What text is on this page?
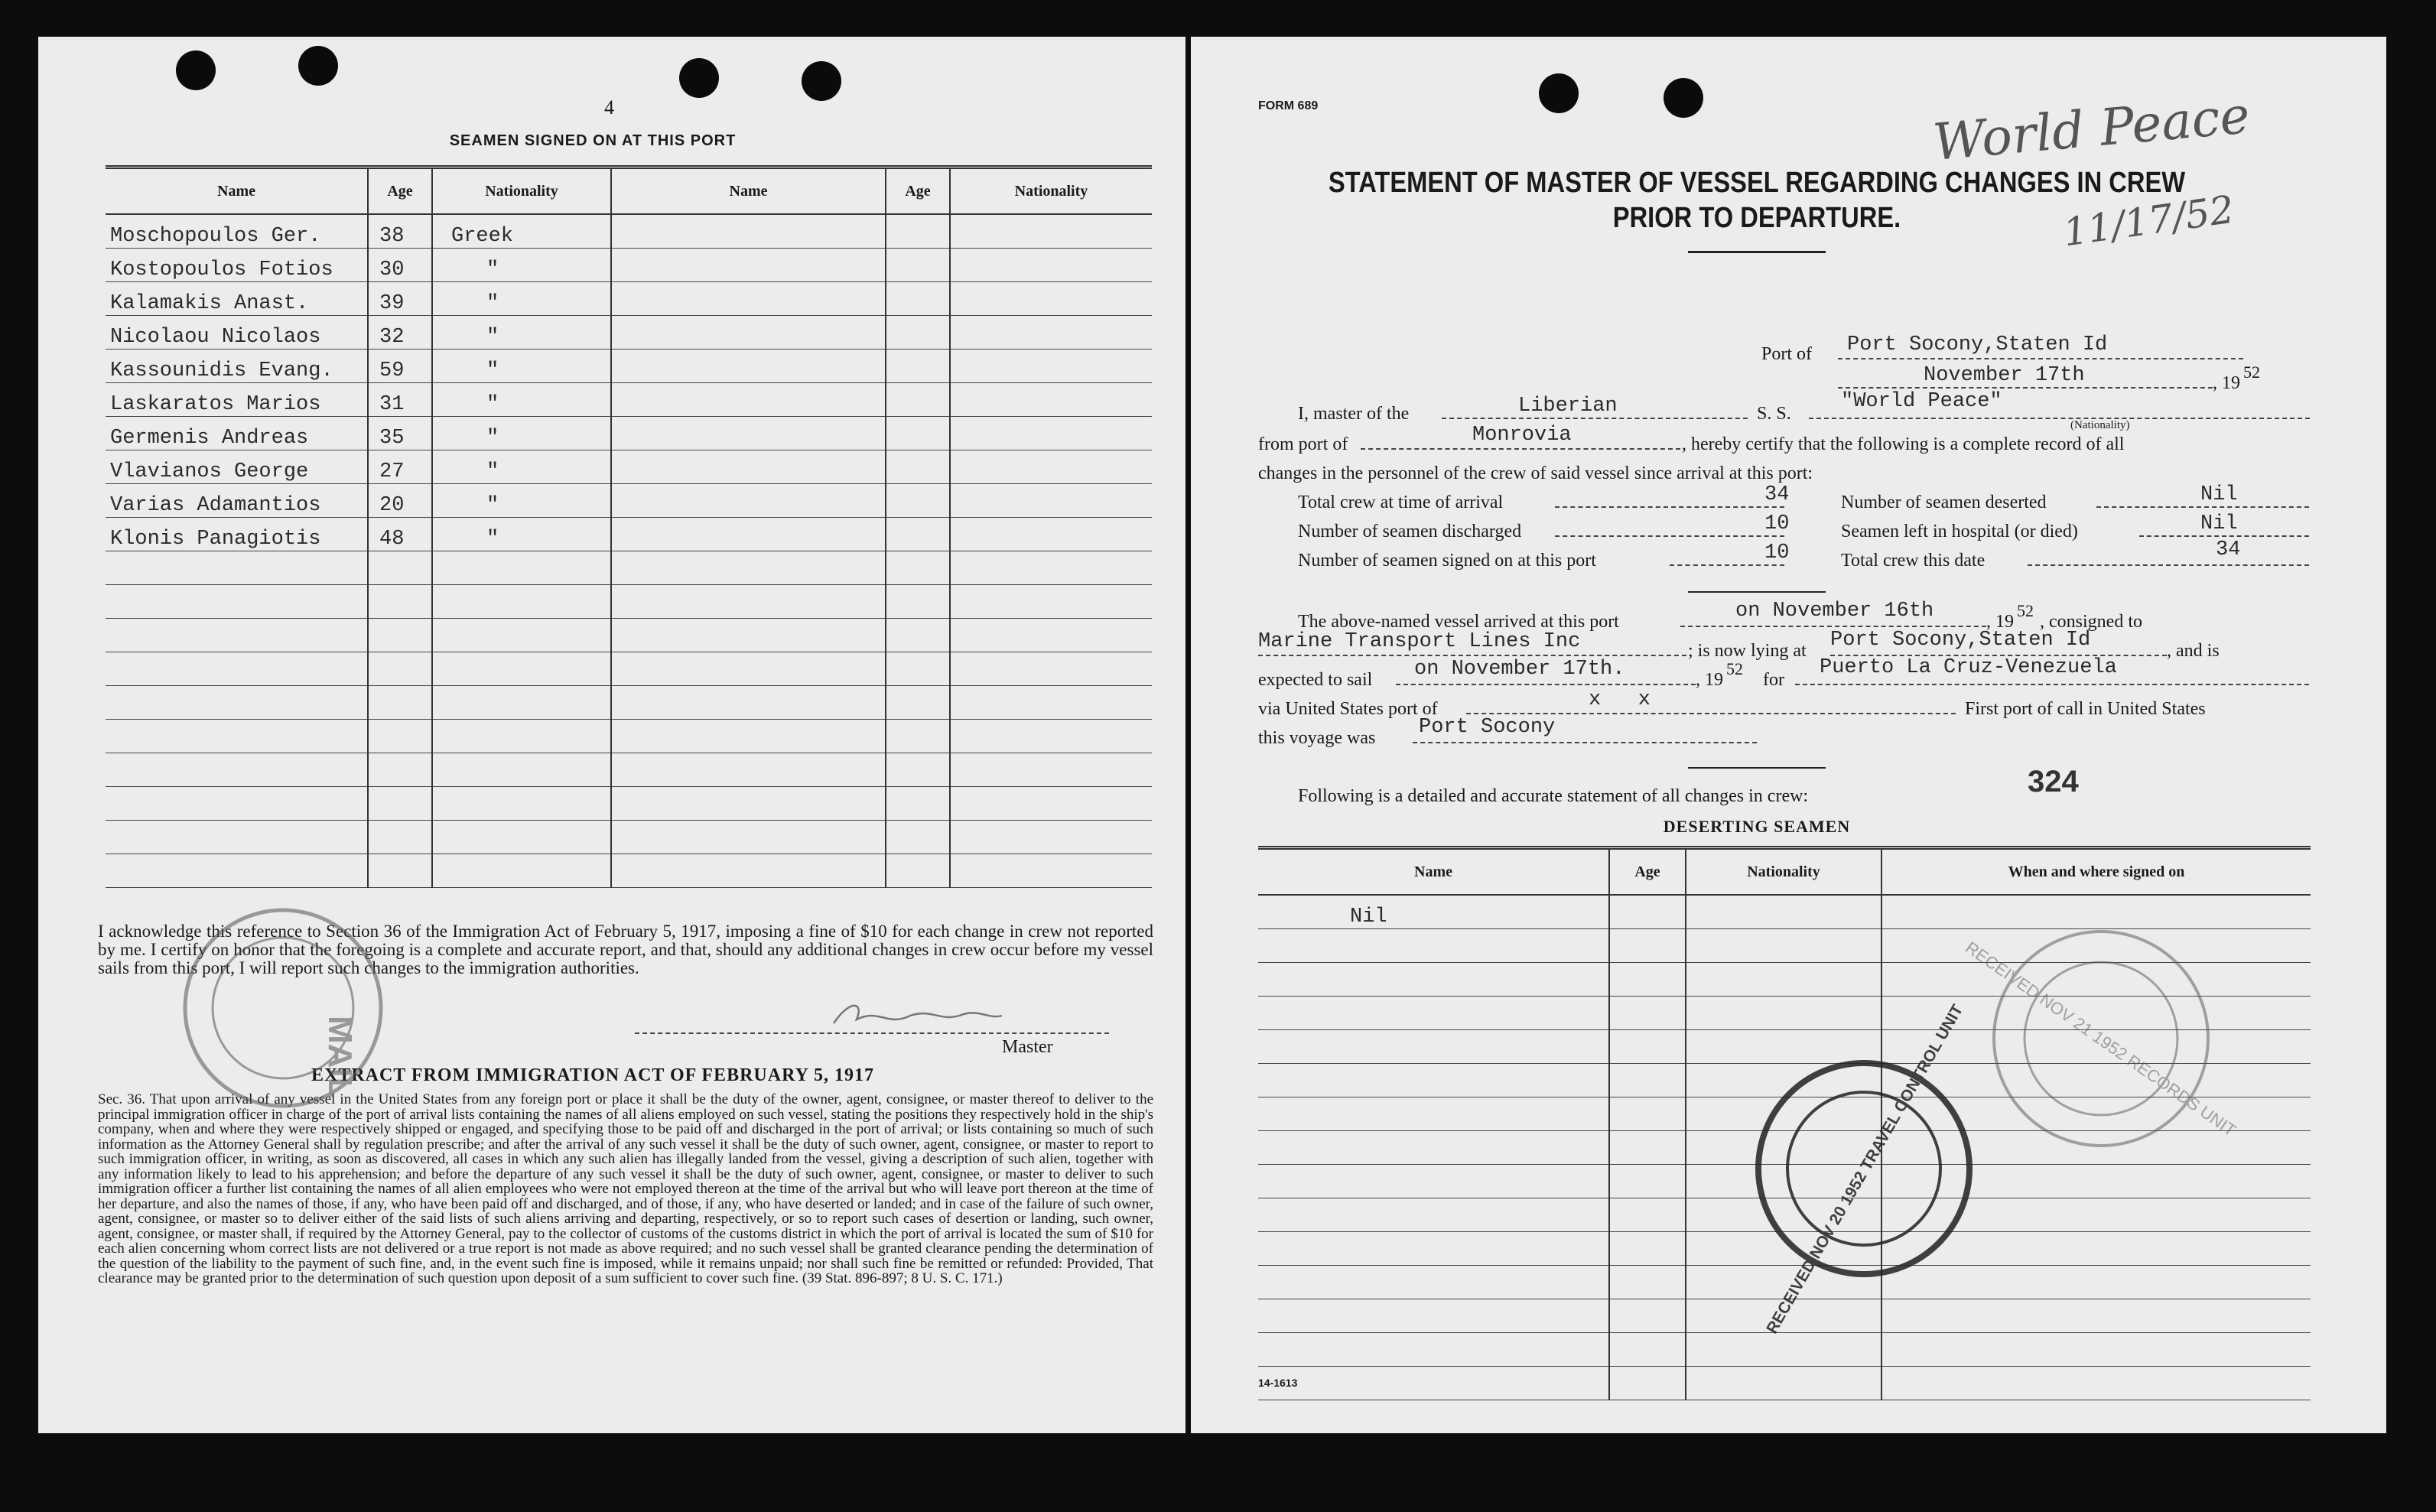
4
SEAMEN SIGNED ON AT THIS PORT
Name	Age	Nationality	Name	Age	Nationality
Moschopoulos Ger.	38	Greek			
Kostopoulos Fotios	30	"			
Kalamakis Anast.	39	"			
Nicolaou Nicolaos	32	"			
Kassounidis Evang.	59	"			
Laskaratos Marios	31	"			
Germenis Andreas	35	"			
Vlavianos George	27	"			
Varias Adamantios	20	"			
Klonis Panagiotis	48	"			

I acknowledge this reference to Section 36 of the Immigration Act of February 5, 1917, imposing a fine of $10 for each change in crew not reported by me. I certify on honor that the foregoing is a complete and accurate report, and that, should any additional changes in crew occur before my vessel sails from this port, I will report such changes to the immigration authorities.
Master
EXTRACT FROM IMMIGRATION ACT OF FEBRUARY 5, 1917
Sec. 36. That upon arrival of any vessel in the United States from any foreign port or place it shall be the duty of the owner, agent, consignee, or master thereof to deliver to the principal immigration officer in charge of the port of arrival lists containing the names of all aliens employed on such vessel, stating the positions they respectively hold in the ship's company, when and where they were respectively shipped or engaged, and specifying those to be paid off and discharged in the port of arrival; or lists containing so much of such information as the Attorney General shall by regulation prescribe; and after the arrival of any such vessel it shall be the duty of such owner, agent, consignee, or master to report to such immigration officer, in writing, as soon as discovered, all cases in which any such alien has illegally landed from the vessel, giving a description of such alien, together with any information likely to lead to his apprehension; and before the departure of any such vessel it shall be the duty of such owner, agent, consignee, or master to deliver to such immigration officer a further list containing the names of all alien employees who were not employed thereon at the time of the arrival but who will leave port thereon at the time of her departure, and also the names of those, if any, who have been paid off and discharged, and of those, if any, who have deserted or landed; and in case of the failure of such owner, agent, consignee, or master so to deliver either of the said lists of such aliens arriving and departing, respectively, or so to report such cases of desertion or landing, such owner, agent, consignee, or master shall, if required by the Attorney General, pay to the collector of customs of the customs district in which the port of arrival is located the sum of $10 for each alien concerning whom correct lists are not delivered or a true report is not made as above required; and no such vessel shall be granted clearance pending the determination of the question of the liability to the payment of such fine, and, in the event such fine is imposed, while it remains unpaid; nor shall such fine be remitted or refunded: Provided, That clearance may be granted prior to the determination of such question upon deposit of a sum sufficient to cover such fine. (39 Stat. 896-897; 8 U. S. C. 171.)
MAIL
FORM 689	World Peace
11/17/52
STATEMENT OF MASTER OF VESSEL REGARDING CHANGES IN CREW
PRIOR TO DEPARTURE.
Port of Port Socony,Staten Id
November 17th	, 19
52
I, master of the	Liberian	S. S.
"World Peace"
(Nationality)
from port of	Monrovia	, hereby certify that the following is a complete record of all
changes in the personnel of the crew of said vessel since arrival at this port:
Total crew at time of arrival	34	Number of seamen deserted	Nil
Number of seamen discharged	10	Seamen left in hospital (or died)	Nil
Number of seamen signed on at this port	10	Total crew this date	34
The above-named vessel arrived at this port	on November 16th	, 19
52
, consigned to
Marine Transport Lines Inc	; is now lying at Port Socony,Staten Id	, and is
expected to sail on November 17th.	, 19
52
for
Puerto La Cruz-Venezuela
via United States port of	x   x	First port of call in United States
this voyage was Port Socony
Following is a detailed and accurate statement of all changes in crew:	324
DESERTING SEAMEN
Name	Age	Nationality	When and where signed on
Nil			

RECEIVED NOV 21 1952 RECORDS UNIT
RECEIVED NOV 20 1952 TRAVEL CONTROL UNIT
14-1613
